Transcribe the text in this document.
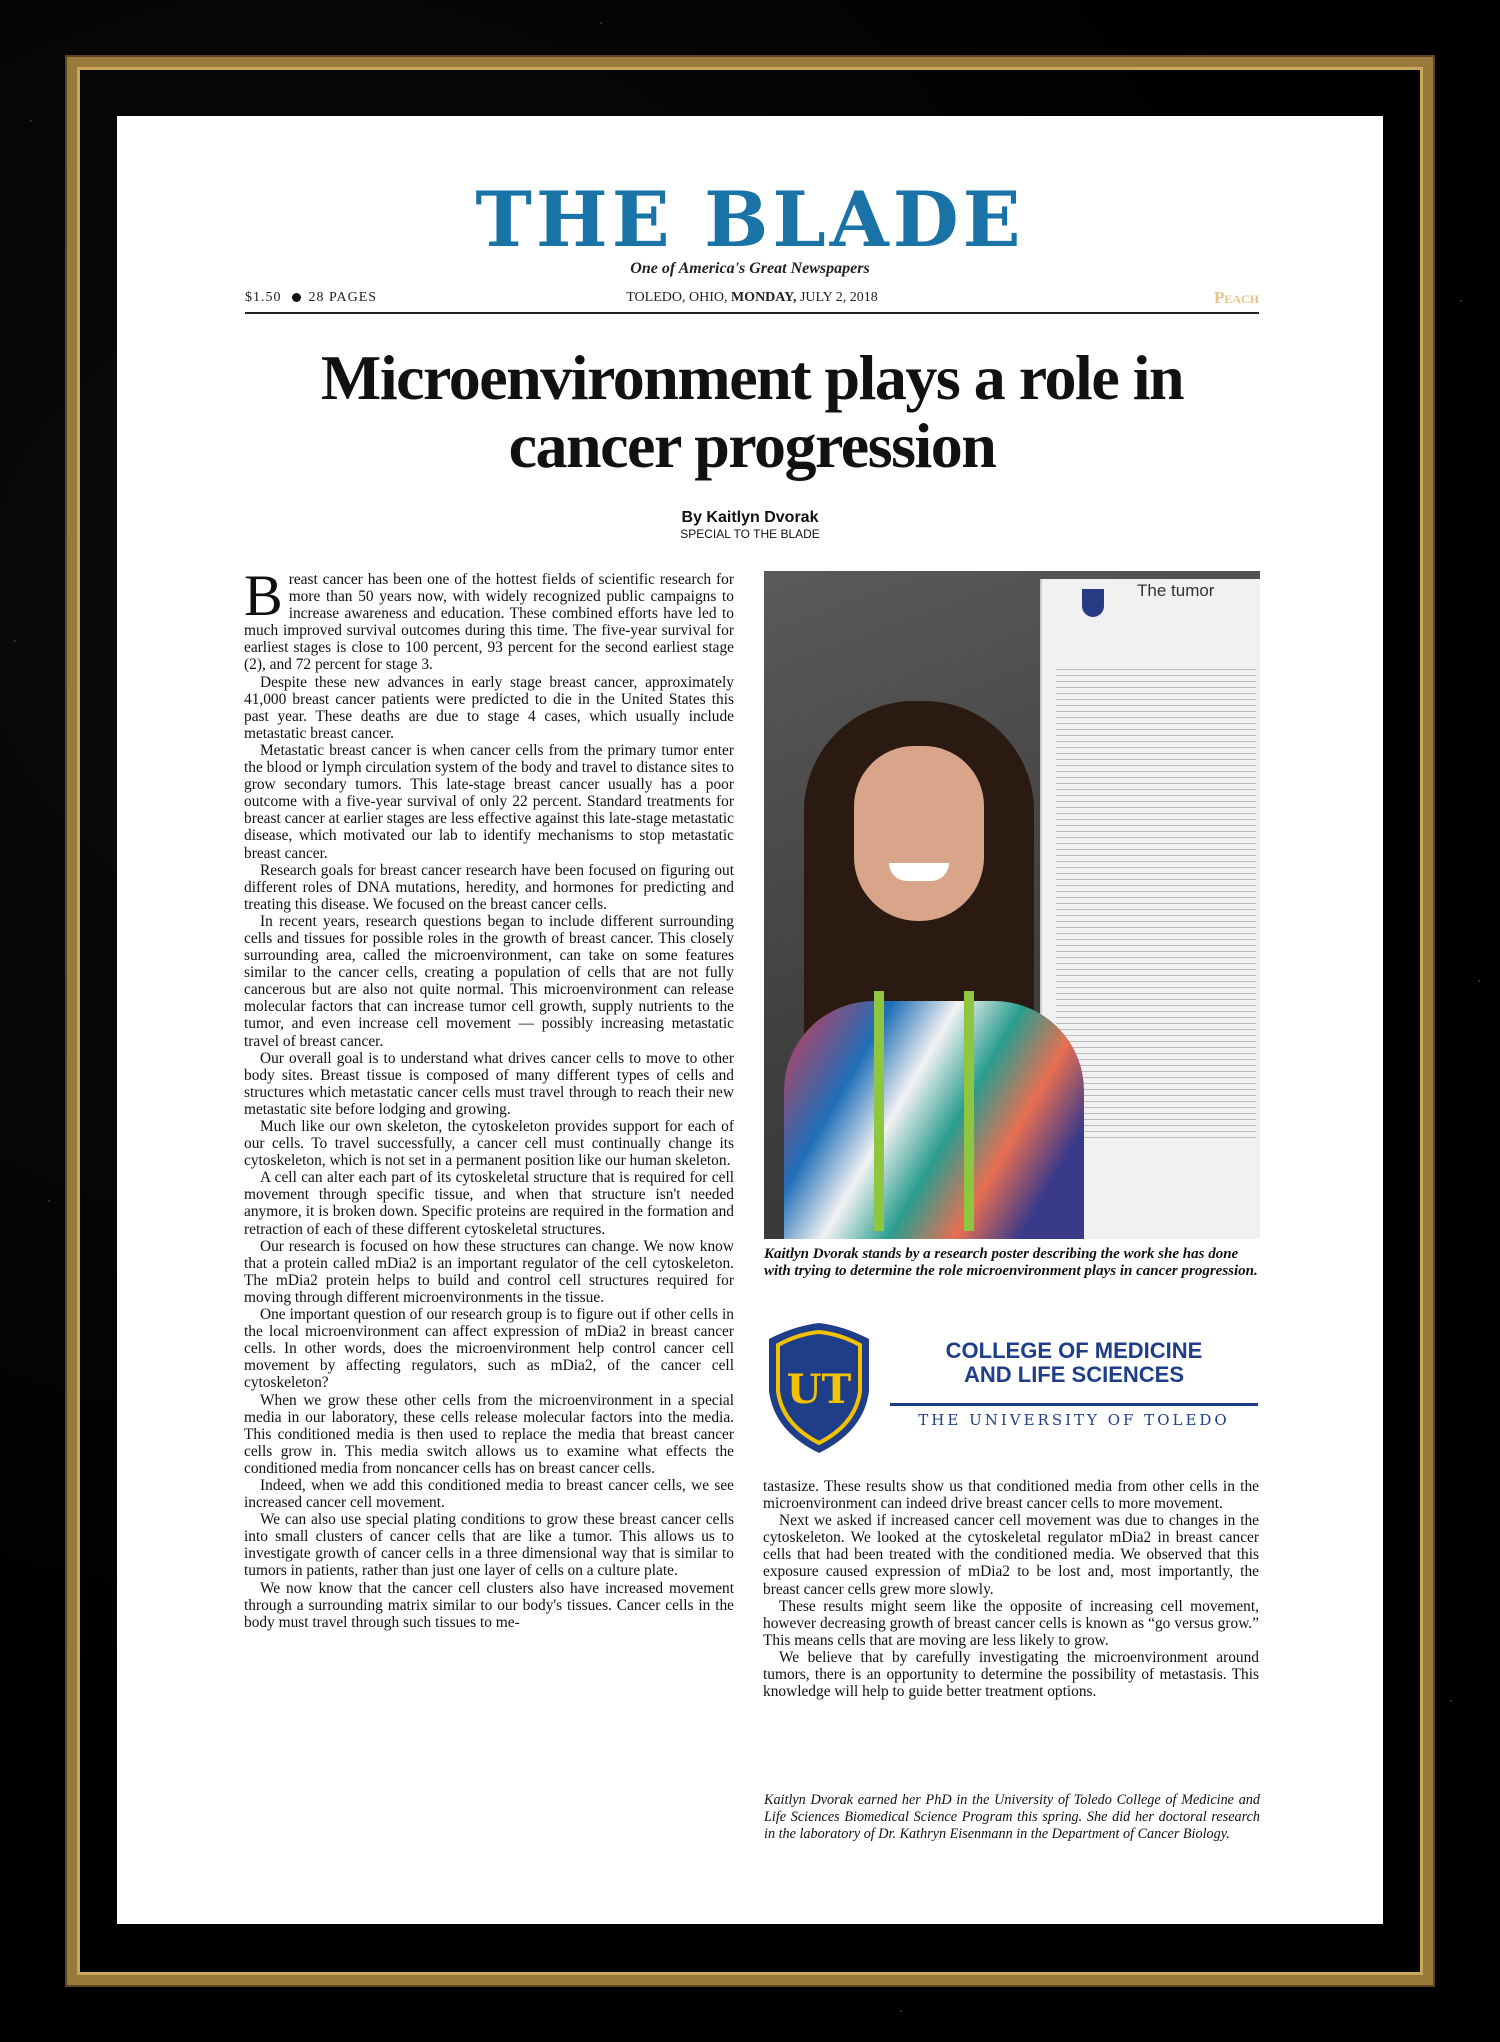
THE BLADE
One of America's Great Newspapers
$1.50 28 PAGES	TOLEDO, OHIO, MONDAY, JULY 2, 2018	Peach
Microenvironment plays a role in cancer progression
By Kaitlyn Dvorak
SPECIAL TO THE BLADE

Breast cancer has been one of the hottest fields of scientific research for more than 50 years now, with widely recognized public campaigns to increase awareness and education. These combined efforts have led to much improved survival outcomes during this time. The five-year survival for earliest stages is close to 100 percent, 93 percent for the second earliest stage (2), and 72 percent for stage 3.

Despite these new advances in early stage breast cancer, approximately 41,000 breast cancer patients were predicted to die in the United States this past year. These deaths are due to stage 4 cases, which usually include metastatic breast cancer.

Metastatic breast cancer is when cancer cells from the primary tumor enter the blood or lymph circulation system of the body and travel to distance sites to grow secondary tumors. This late-stage breast cancer usually has a poor outcome with a five-year survival of only 22 percent. Standard treatments for breast cancer at earlier stages are less effective against this late-stage metastatic disease, which motivated our lab to identify mechanisms to stop metastatic breast cancer.

Research goals for breast cancer research have been focused on figuring out different roles of DNA mutations, heredity, and hormones for predicting and treating this disease. We focused on the breast cancer cells.

In recent years, research questions began to include different surrounding cells and tissues for possible roles in the growth of breast cancer. This closely surrounding area, called the microenvironment, can take on some features similar to the cancer cells, creating a population of cells that are not fully cancerous but are also not quite normal. This microenvironment can release molecular factors that can increase tumor cell growth, supply nutrients to the tumor, and even increase cell movement — possibly increasing metastatic travel of breast cancer.

Our overall goal is to understand what drives cancer cells to move to other body sites. Breast tissue is composed of many different types of cells and structures which metastatic cancer cells must travel through to reach their new metastatic site before lodging and growing.

Much like our own skeleton, the cytoskeleton provides support for each of our cells. To travel successfully, a cancer cell must continually change its cytoskeleton, which is not set in a permanent position like our human skeleton.

A cell can alter each part of its cytoskeletal structure that is required for cell movement through specific tissue, and when that structure isn't needed anymore, it is broken down. Specific proteins are required in the formation and retraction of each of these different cytoskeletal structures.

Our research is focused on how these structures can change. We now know that a protein called mDia2 is an important regulator of the cell cytoskeleton. The mDia2 protein helps to build and control cell structures required for moving through different microenvironments in the tissue.

One important question of our research group is to figure out if other cells in the local microenvironment can affect expression of mDia2 in breast cancer cells. In other words, does the microenvironment help control cancer cell movement by affecting regulators, such as mDia2, of the cancer cell cytoskeleton?

When we grow these other cells from the microenvironment in a special media in our laboratory, these cells release molecular factors into the media. This conditioned media is then used to replace the media that breast cancer cells grow in. This media switch allows us to examine what effects the conditioned media from noncancer cells has on breast cancer cells.

Indeed, when we add this conditioned media to breast cancer cells, we see increased cancer cell movement.

We can also use special plating conditions to grow these breast cancer cells into small clusters of cancer cells that are like a tumor. This allows us to investigate growth of cancer cells in a three dimensional way that is similar to tumors in patients, rather than just one layer of cells on a culture plate.

We now know that the cancer cell clusters also have increased movement through a surrounding matrix similar to our body's tissues. Cancer cells in the body must travel through such tissues to me-

The tumor
Kaitlyn Dvorak stands by a research poster describing the work she has done with trying to determine the role microenvironment plays in cancer progression.
UT
COLLEGE OF MEDICINE
AND LIFE SCIENCES
THE UNIVERSITY OF TOLEDO

tastasize. These results show us that conditioned media from other cells in the microenvironment can indeed drive breast cancer cells to more movement.

Next we asked if increased cancer cell movement was due to changes in the cytoskeleton. We looked at the cytoskeletal regulator mDia2 in breast cancer cells that had been treated with the conditioned media. We observed that this exposure caused expression of mDia2 to be lost and, most importantly, the breast cancer cells grew more slowly.

These results might seem like the opposite of increasing cell movement, however decreasing growth of breast cancer cells is known as “go versus grow.” This means cells that are moving are less likely to grow.

We believe that by carefully investigating the microenvironment around tumors, there is an opportunity to determine the possibility of metastasis. This knowledge will help to guide better treatment options.

Kaitlyn Dvorak earned her PhD in the University of Toledo College of Medicine and Life Sciences Biomedical Science Program this spring. She did her doctoral research in the laboratory of Dr. Kathryn Eisenmann in the Department of Cancer Biology.
